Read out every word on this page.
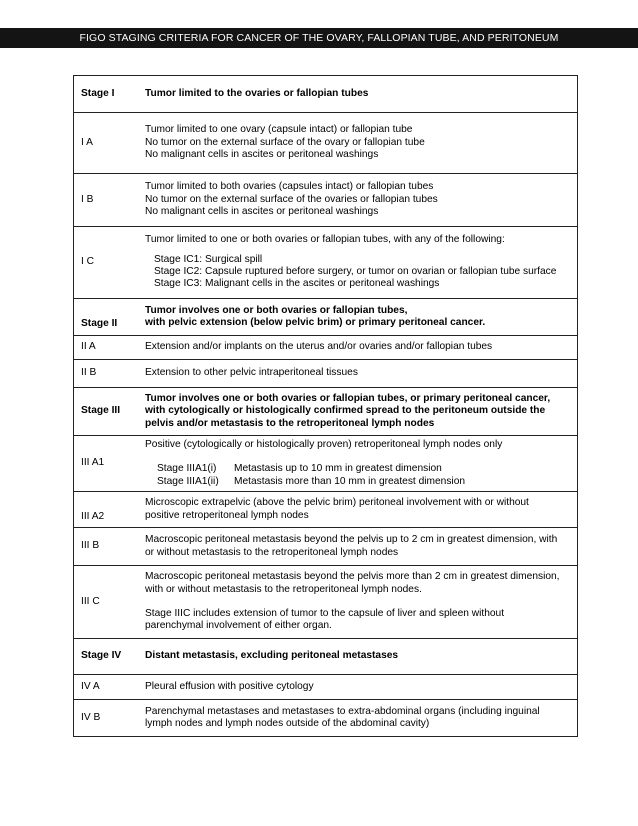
FIGO STAGING CRITERIA FOR CANCER OF THE OVARY, FALLOPIAN TUBE, AND PERITONEUM
Stage I	Tumor limited to the ovaries or fallopian tubes
I A	Tumor limited to one ovary (capsule intact) or fallopian tube
No tumor on the external surface of the ovary or fallopian tube
No malignant cells in ascites or peritoneal washings

I B	Tumor limited to both ovaries (capsules intact) or fallopian tubes
No tumor on the external surface of the ovaries or fallopian tubes
No malignant cells in ascites or peritoneal washings

I C	Tumor limited to one or both ovaries or fallopian tubes, with any of the following:
Stage IC1: Surgical spill
Stage IC2: Capsule ruptured before surgery, or tumor on ovarian or fallopian tube surface
Stage IC3: Malignant cells in the ascites or peritoneal washings

Stage II	Tumor involves one or both ovaries or fallopian tubes,
with pelvic extension (below pelvic brim) or primary peritoneal cancer.

II A	Extension and/or implants on the uterus and/or ovaries and/or fallopian tubes
II B	Extension to other pelvic intraperitoneal tissues
Stage III	Tumor involves one or both ovaries or fallopian tubes, or primary peritoneal cancer,
with cytologically or histologically confirmed spread to the peritoneum outside the
pelvis and/or metastasis to the retroperitoneal lymph nodes

III A1	Positive (cytologically or histologically proven) retroperitoneal lymph nodes only
Stage IIIA1(i) Metastasis up to 10 mm in greatest dimension
Stage IIIA1(ii) Metastasis more than 10 mm in greatest dimension

III A2	Microscopic extrapelvic (above the pelvic brim) peritoneal involvement with or without
positive retroperitoneal lymph nodes

III B	Macroscopic peritoneal metastasis beyond the pelvis up to 2 cm in greatest dimension, with
or without metastasis to the retroperitoneal lymph nodes

III C	Macroscopic peritoneal metastasis beyond the pelvis more than 2 cm in greatest dimension,
with or without metastasis to the retroperitoneal lymph nodes.
Stage IIIC includes extension of tumor to the capsule of liver and spleen without
parenchymal involvement of either organ.

Stage IV	Distant metastasis, excluding peritoneal metastases
IV A	Pleural effusion with positive cytology
IV B	Parenchymal metastases and metastases to extra-abdominal organs (including inguinal
lymph nodes and lymph nodes outside of the abdominal cavity)
